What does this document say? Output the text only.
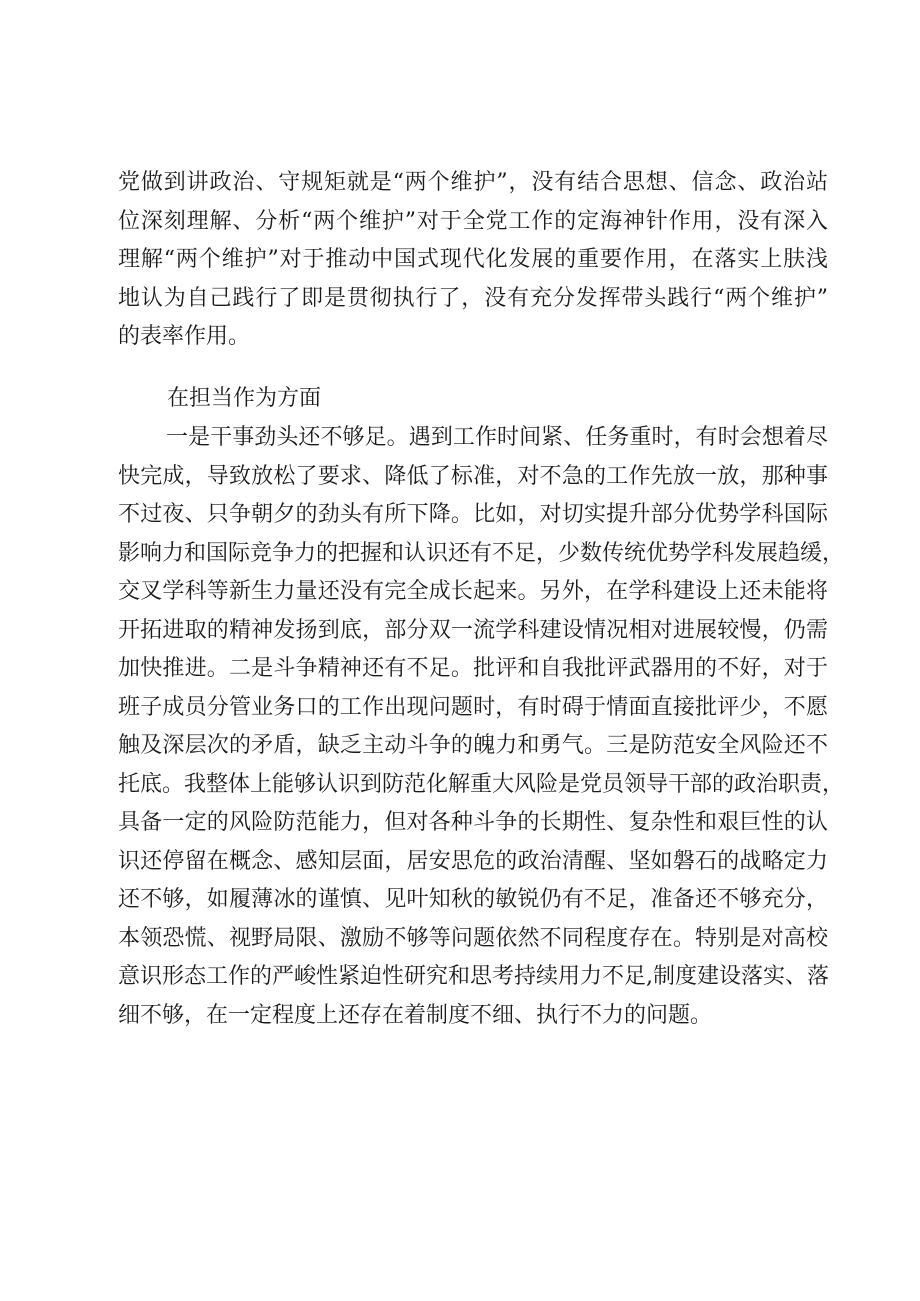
党做到讲政治、守规矩就是“两个维护”，没有结合思想、信念、政治站
位深刻理解、分析“两个维护”对于全党工作的定海神针作用，没有深入
理解“两个维护”对于推动中国式现代化发展的重要作用，在落实上肤浅
地认为自己践行了即是贯彻执行了，没有充分发挥带头践行“两个维护”
的表率作用。
在担当作为方面
一是干事劲头还不够足。遇到工作时间紧、任务重时，有时会想着尽
快完成，导致放松了要求、降低了标准，对不急的工作先放一放，那种事
不过夜、只争朝夕的劲头有所下降。比如，对切实提升部分优势学科国际
影响力和国际竞争力的把握和认识还有不足，少数传统优势学科发展趋缓，
交叉学科等新生力量还没有完全成长起来。另外，在学科建设上还未能将
开拓进取的精神发扬到底，部分双一流学科建设情况相对进展较慢，仍需
加快推进。二是斗争精神还有不足。批评和自我批评武器用的不好，对于
班子成员分管业务口的工作出现问题时，有时碍于情面直接批评少，不愿
触及深层次的矛盾，缺乏主动斗争的魄力和勇气。三是防范安全风险还不
托底。我整体上能够认识到防范化解重大风险是党员领导干部的政治职责，
具备一定的风险防范能力，但对各种斗争的长期性、复杂性和艰巨性的认
识还停留在概念、感知层面，居安思危的政治清醒、坚如磐石的战略定力
还不够，如履薄冰的谨慎、见叶知秋的敏锐仍有不足，准备还不够充分，
本领恐慌、视野局限、激励不够等问题依然不同程度存在。特别是对高校
意识形态工作的严峻性紧迫性研究和思考持续用力不足,制度建设落实、落
细不够，在一定程度上还存在着制度不细、执行不力的问题。
